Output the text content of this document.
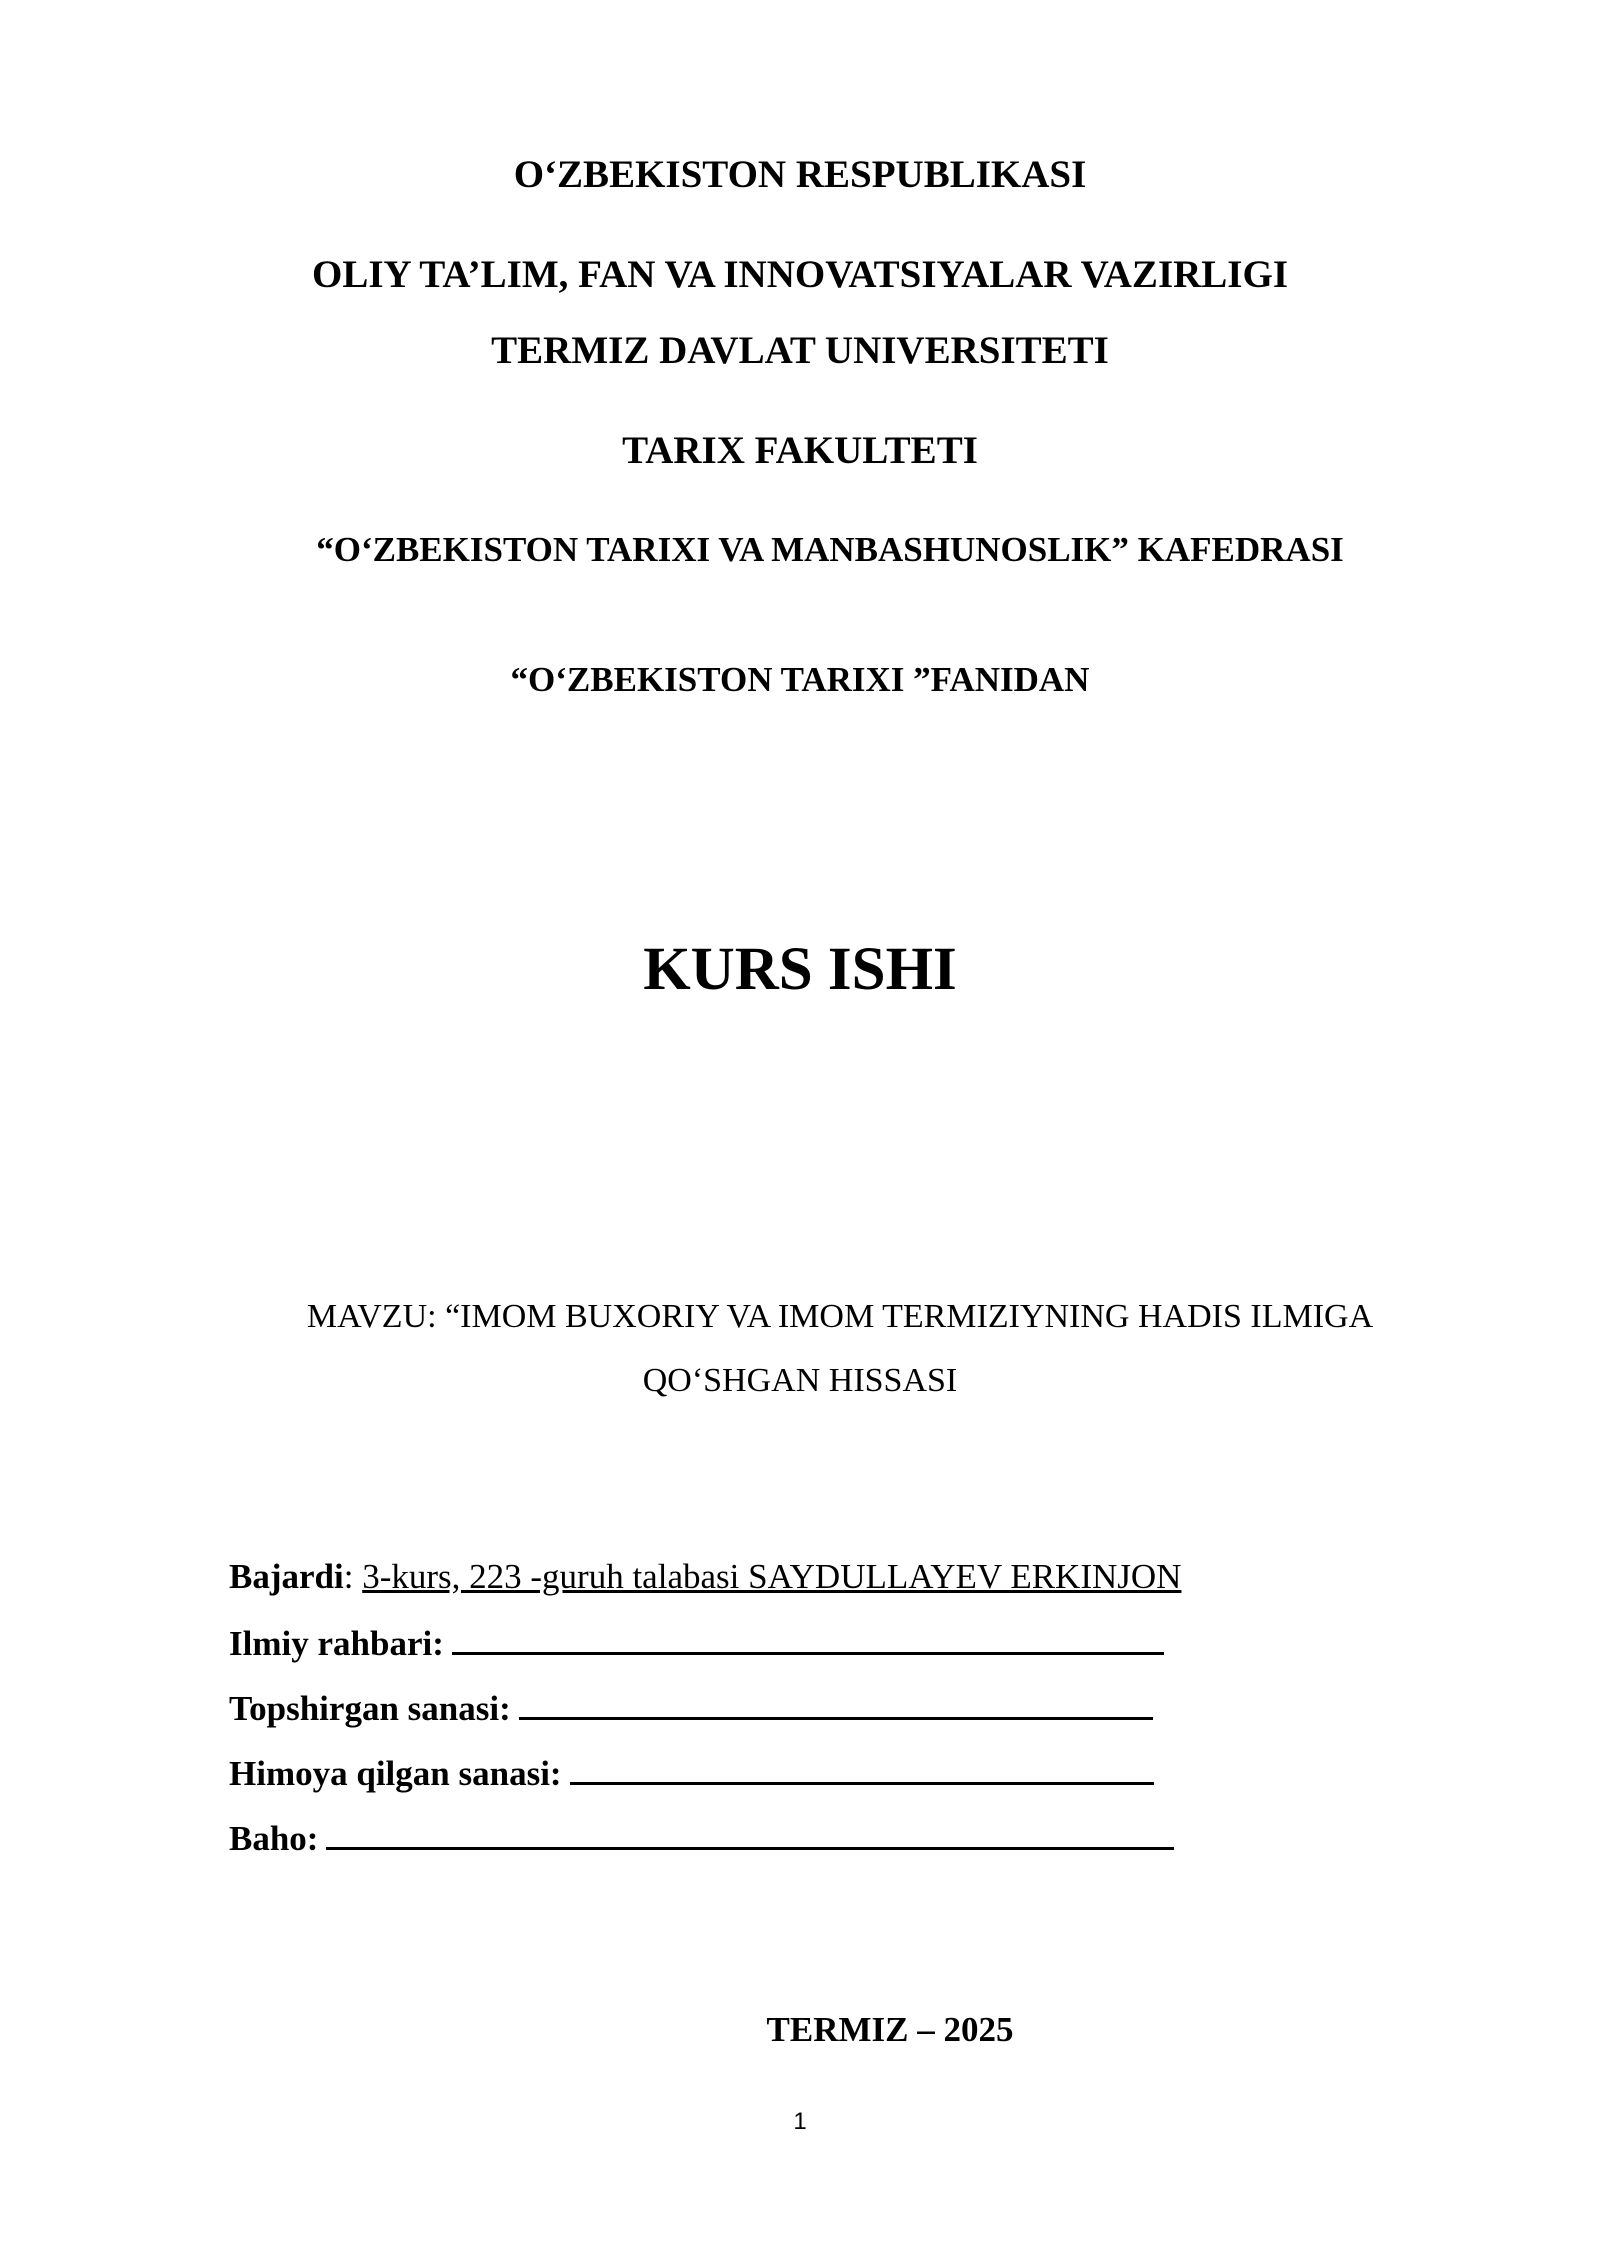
O‘ZBEKISTON RESPUBLIKASI
OLIY TA’LIM, FAN VA INNOVATSIYALAR VAZIRLIGI
TERMIZ DAVLAT UNIVERSITETI
TARIX FAKULTETI
“O‘ZBEKISTON TARIXI VA MANBASHUNOSLIK” KAFEDRASI
“O‘ZBEKISTON TARIXI ”FANIDAN
KURS ISHI
MAVZU: “IMOM BUXORIY VA IMOM TERMIZIYNING HADIS ILMIGA
QO‘SHGAN HISSASI
Bajardi: 3-kurs, 223 -guruh talabasi SAYDULLAYEV ERKINJON
Ilmiy rahbari:
Topshirgan sanasi:
Himoya qilgan sanasi:
Baho:
TERMIZ – 2025
1
